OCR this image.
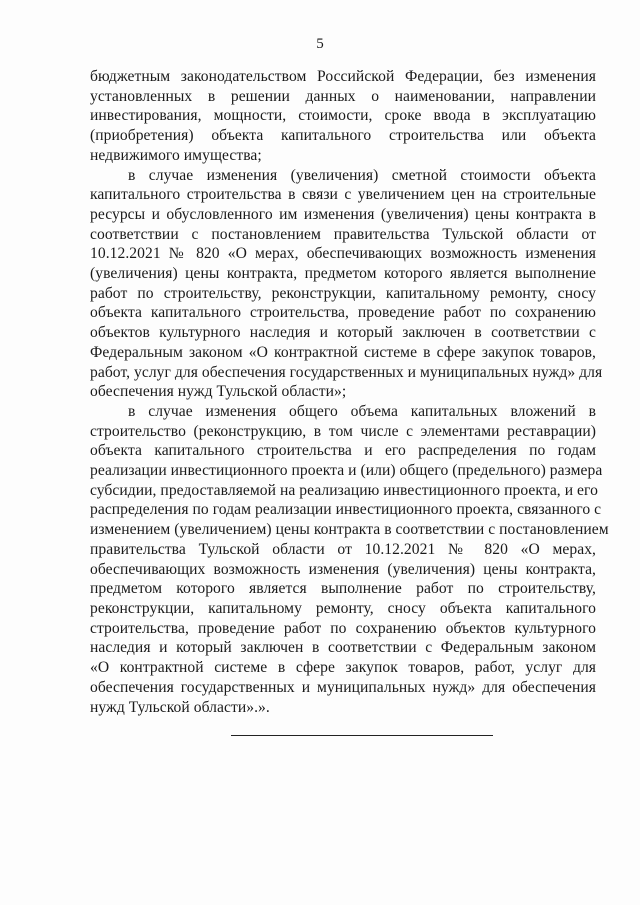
5
бюджетным законодательством Российской Федерации, без изменения
установленных в решении данных о наименовании, направлении
инвестирования, мощности, стоимости, сроке ввода в эксплуатацию
(приобретения) объекта капитального строительства или объекта
недвижимого имущества;
в случае изменения (увеличения) сметной стоимости объекта
капитального строительства в связи с увеличением цен на строительные
ресурсы и обусловленного им изменения (увеличения) цены контракта в
соответствии с постановлением правительства Тульской области от
10.12.2021 № 820 «О мерах, обеспечивающих возможность изменения
(увеличения) цены контракта, предметом которого является выполнение
работ по строительству, реконструкции, капитальному ремонту, сносу
объекта капитального строительства, проведение работ по сохранению
объектов культурного наследия и который заключен в соответствии с
Федеральным законом «О контрактной системе в сфере закупок товаров,
работ, услуг для обеспечения государственных и муниципальных нужд» для
обеспечения нужд Тульской области»;
в случае изменения общего объема капитальных вложений в
строительство (реконструкцию, в том числе с элементами реставрации)
объекта капитального строительства и его распределения по годам
реализации инвестиционного проекта и (или) общего (предельного) размера
субсидии, предоставляемой на реализацию инвестиционного проекта, и его
распределения по годам реализации инвестиционного проекта, связанного с
изменением (увеличением) цены контракта в соответствии с постановлением
правительства Тульской области от 10.12.2021 № 820 «О мерах,
обеспечивающих возможность изменения (увеличения) цены контракта,
предметом которого является выполнение работ по строительству,
реконструкции, капитальному ремонту, сносу объекта капитального
строительства, проведение работ по сохранению объектов культурного
наследия и который заключен в соответствии с Федеральным законом
«О контрактной системе в сфере закупок товаров, работ, услуг для
обеспечения государственных и муниципальных нужд» для обеспечения
нужд Тульской области».».
